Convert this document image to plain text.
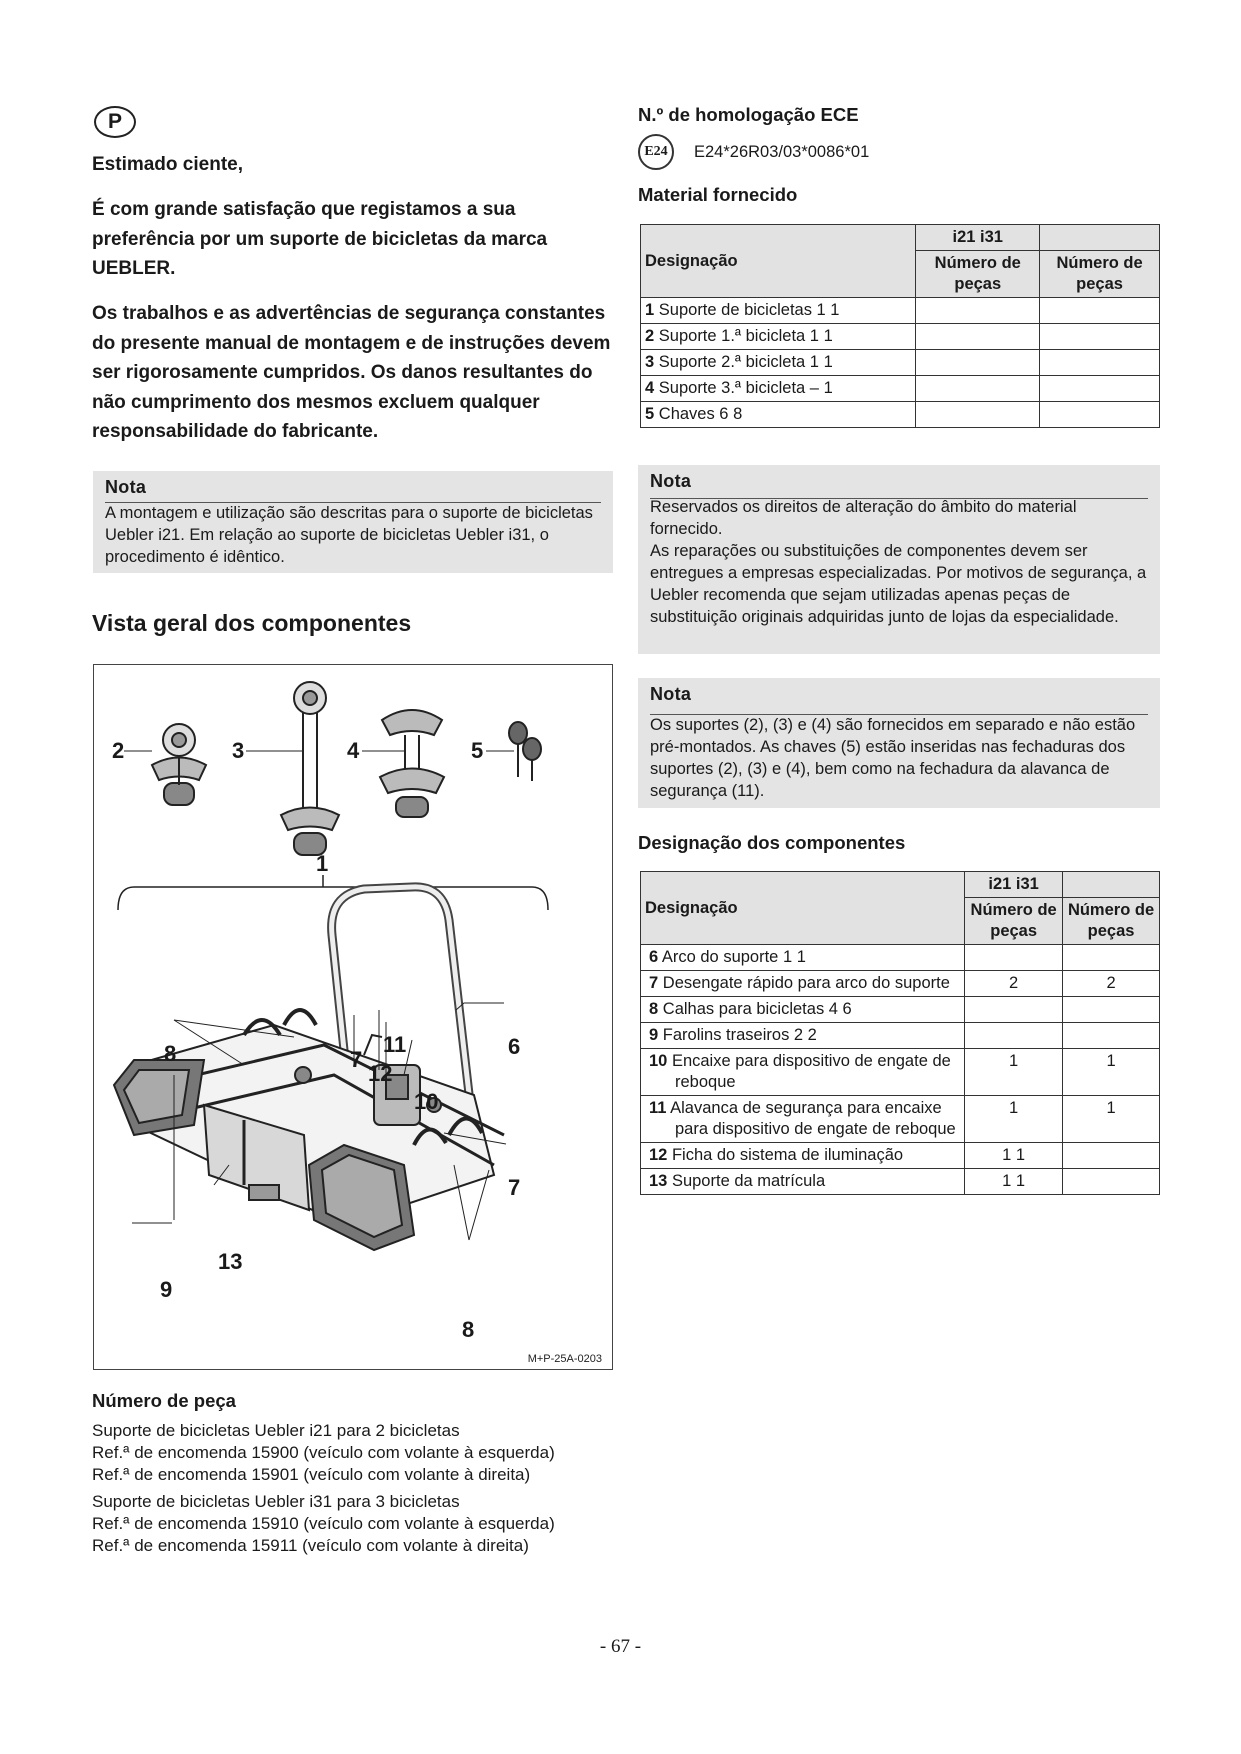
P

Estimado ciente,

É com grande satisfação que registamos a sua preferência por um suporte de bicicletas da marca UEBLER.

Os trabalhos e as advertências de segurança constantes do presente manual de montagem e de instruções devem ser rigorosamente cumpridos. Os danos resultantes do não cumprimento dos mesmos excluem qualquer responsabilidade do fabricante.

Nota
A montagem e utilização são descritas para o suporte de bicicletas Uebler i21. Em relação ao suporte de bicicletas Uebler i31, o procedimento é idêntico.
Vista geral dos componentes
2	3	4	5
1
8	7
12
11
10
6
7
13
9
8
M+P-25A-0203
Número de peça
Suporte de bicicletas Uebler i21 para 2 bicicletas
Ref.ª de encomenda 15900 (veículo com volante à esquerda)
Ref.ª de encomenda 15901 (veículo com volante à direita)
Suporte de bicicletas Uebler i31 para 3 bicicletas
Ref.ª de encomenda 15910 (veículo com volante à esquerda)
Ref.ª de encomenda 15911 (veículo com volante à direita)
N.º de homologação ECE
E24	E24*26R03/03*0086*01
Material fornecido
Designação	i21 i31	
	Número de peças	Número de peças
1 Suporte de bicicletas 1 1		
2 Suporte 1.ª bicicleta 1 1		
3 Suporte 2.ª bicicleta 1 1		
4 Suporte 3.ª bicicleta – 1		
5 Chaves 6 8		
Nota
Reservados os direitos de alteração do âmbito do material fornecido.
As reparações ou substituições de componentes devem ser entregues a empresas especializadas. Por motivos de segurança, a Uebler recomenda que sejam utilizadas apenas peças de substituição originais adquiridas junto de lojas da especialidade.
Nota
Os suportes (2), (3) e (4) são fornecidos em separado e não estão pré-montados. As chaves (5) estão inseridas nas fechaduras dos suportes (2), (3) e (4), bem como na fechadura da alavanca de segurança (11).
Designação dos componentes
Designação	i21 i31	
	Número de peças	Número de peças

6 Arco do suporte 1 1		

7 Desengate rápido para arco do suporte	2	2

8 Calhas para bicicletas 4 6		

9 Farolins traseiros 2 2		

10 Encaixe para dispositivo de engate de reboque	1	1

11 Alavanca de segurança para encaixe para dispositivo de engate de reboque	1	1

12 Ficha do sistema de iluminação	1 1	

13 Suporte da matrícula	1 1	
- 67 -
